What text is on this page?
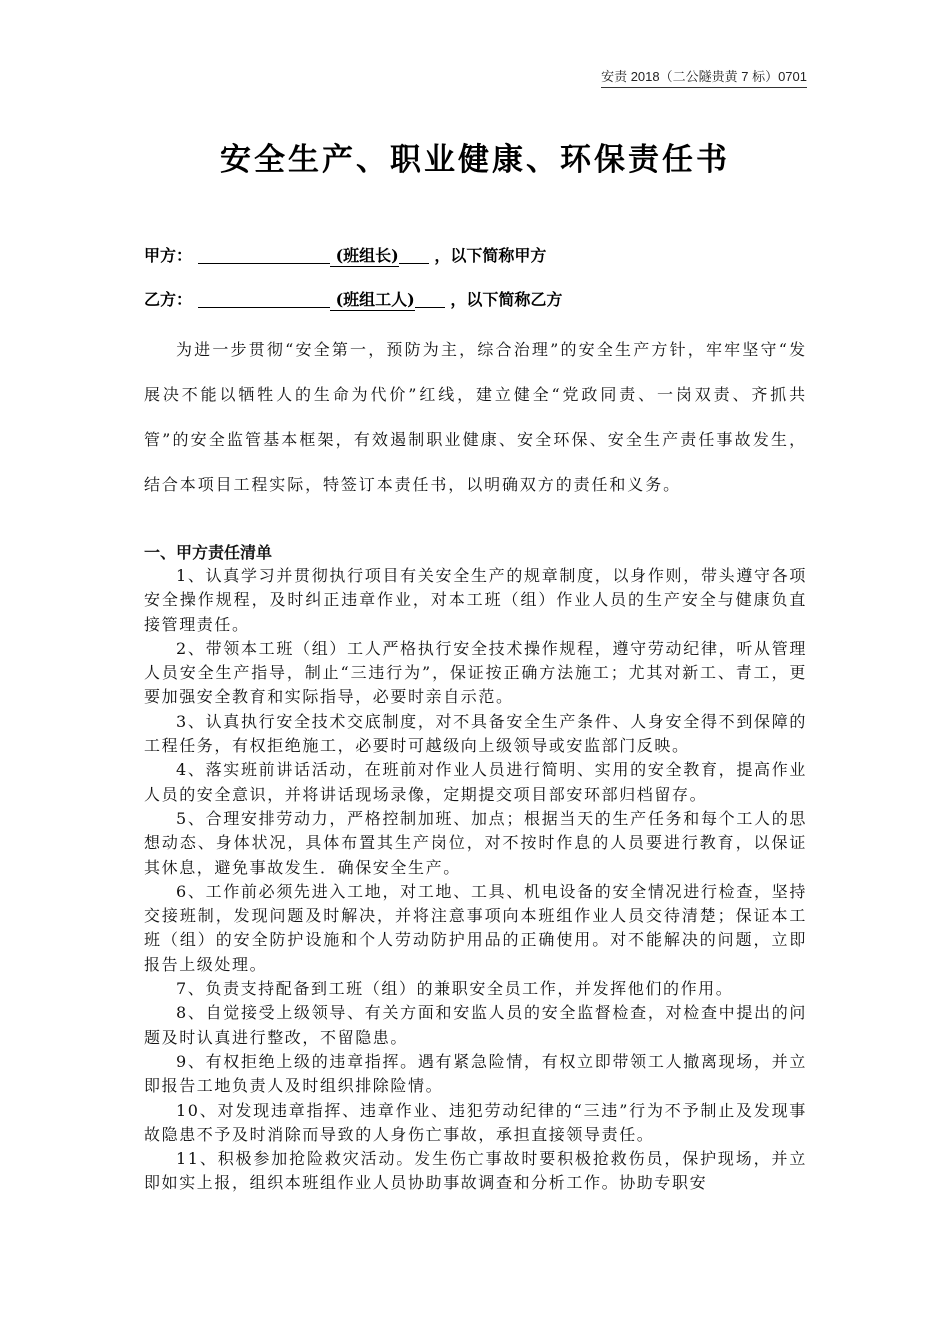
安责 2018（二公隧贵黄 7 标）0701
安全生产、职业健康、环保责任书
甲方：	(班组长) ，以下简称甲方
乙方：	(班组工人) ，以下简称乙方

为进一步贯彻“安全第一，预防为主，综合治理”的安全生产方针，牢牢坚守“发展决不能以牺牲人的生命为代价”红线，建立健全“党政同责、一岗双责、齐抓共管”的安全监管基本框架，有效遏制职业健康、安全环保、安全生产责任事故发生，结合本项目工程实际，特签订本责任书，以明确双方的责任和义务。

一、甲方责任清单
1、认真学习并贯彻执行项目有关安全生产的规章制度，以身作则，带头遵守各项安全操作规程，及时纠正违章作业，对本工班（组）作业人员的生产安全与健康负直接管理责任。
2、带领本工班（组）工人严格执行安全技术操作规程，遵守劳动纪律，听从管理人员安全生产指导，制止“三违行为”，保证按正确方法施工；尤其对新工、青工，更要加强安全教育和实际指导，必要时亲自示范。
3、认真执行安全技术交底制度，对不具备安全生产条件、人身安全得不到保障的工程任务，有权拒绝施工，必要时可越级向上级领导或安监部门反映。
4、落实班前讲话活动，在班前对作业人员进行简明、实用的安全教育，提高作业人员的安全意识，并将讲话现场录像，定期提交项目部安环部归档留存。
5、合理安排劳动力，严格控制加班、加点；根据当天的生产任务和每个工人的思想动态、身体状况，具体布置其生产岗位，对不按时作息的人员要进行教育，以保证其休息，避免事故发生．确保安全生产。
6、工作前必须先进入工地，对工地、工具、机电设备的安全情况进行检查，坚持交接班制，发现问题及时解决，并将注意事项向本班组作业人员交待清楚；保证本工班（组）的安全防护设施和个人劳动防护用品的正确使用。对不能解决的问题，立即报告上级处理。
7、负责支持配备到工班（组）的兼职安全员工作，并发挥他们的作用。
8、自觉接受上级领导、有关方面和安监人员的安全监督检查，对检查中提出的问题及时认真进行整改，不留隐患。
9、有权拒绝上级的违章指挥。遇有紧急险情，有权立即带领工人撤离现场，并立即报告工地负责人及时组织排除险情。
10、对发现违章指挥、违章作业、违犯劳动纪律的“三违”行为不予制止及发现事故隐患不予及时消除而导致的人身伤亡事故，承担直接领导责任。
11、积极参加抢险救灾活动。发生伤亡事故时要积极抢救伤员，保护现场，并立即如实上报，组织本班组作业人员协助事故调查和分析工作。协助专职安
